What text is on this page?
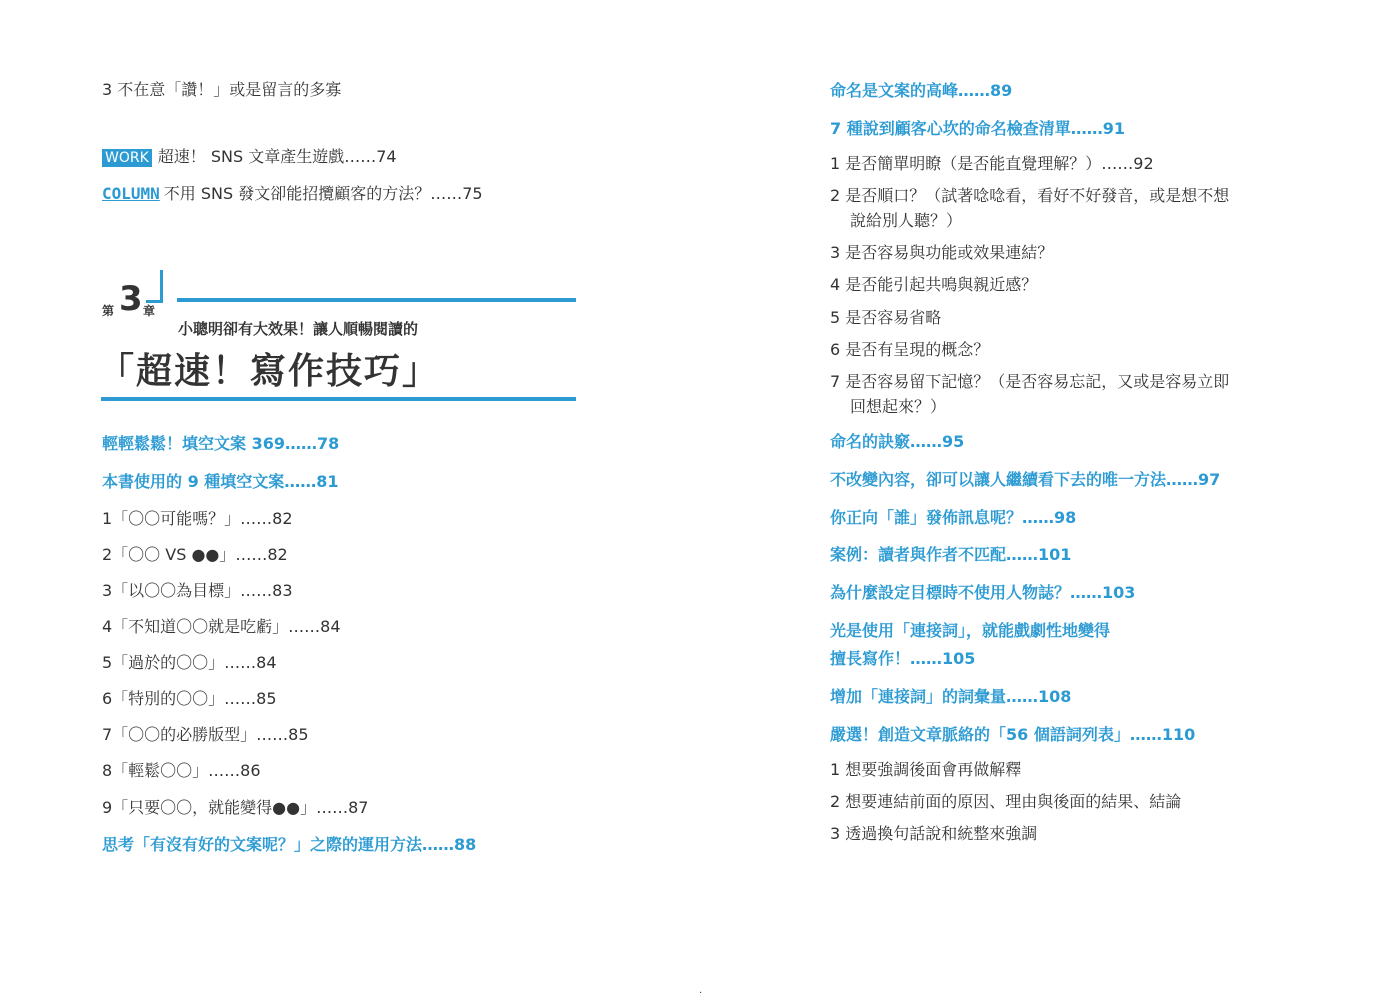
3 不在意「讚！」或是留言的多寡
WORK 超速！ SNS 文章產生遊戲……74
COLUMN 不用 SNS 發文卻能招攬顧客的方法？……75
第 3 章
小聰明卻有大效果！讓人順暢閱讀的
「超速！寫作技巧」
輕輕鬆鬆！填空文案 369……78
本書使用的 9 種填空文案……81
1「〇〇可能嗎？」……82
2「〇〇 VS ●●」……82
3「以〇〇為目標」……83
4「不知道〇〇就是吃虧」……84
5「過於的〇〇」……84
6「特別的〇〇」……85
7「〇〇的必勝版型」……85
8「輕鬆〇〇」……86
9「只要〇〇，就能變得●●」……87
思考「有沒有好的文案呢？」之際的運用方法……88
命名是文案的高峰……89
7 種說到顧客心坎的命名檢查清單……91
1 是否簡單明瞭（是否能直覺理解？）……92
2 是否順口？（試著唸唸看，看好不好發音，或是想不想
說給別人聽？）
3 是否容易與功能或效果連結？
4 是否能引起共鳴與親近感？
5 是否容易省略
6 是否有呈現的概念？
7 是否容易留下記憶？（是否容易忘記，又或是容易立即
回想起來？）
命名的訣竅……95
不改變內容，卻可以讓人繼續看下去的唯一方法……97
你正向「誰」發佈訊息呢？……98
案例：讀者與作者不匹配……101
為什麼設定目標時不使用人物誌？……103
光是使用「連接詞」，就能戲劇性地變得
擅長寫作！……105
增加「連接詞」的詞彙量……108
嚴選！創造文章脈絡的「56 個語詞列表」……110
1 想要強調後面會再做解釋
2 想要連結前面的原因、理由與後面的結果、結論
3 透過換句話說和統整來強調
·
